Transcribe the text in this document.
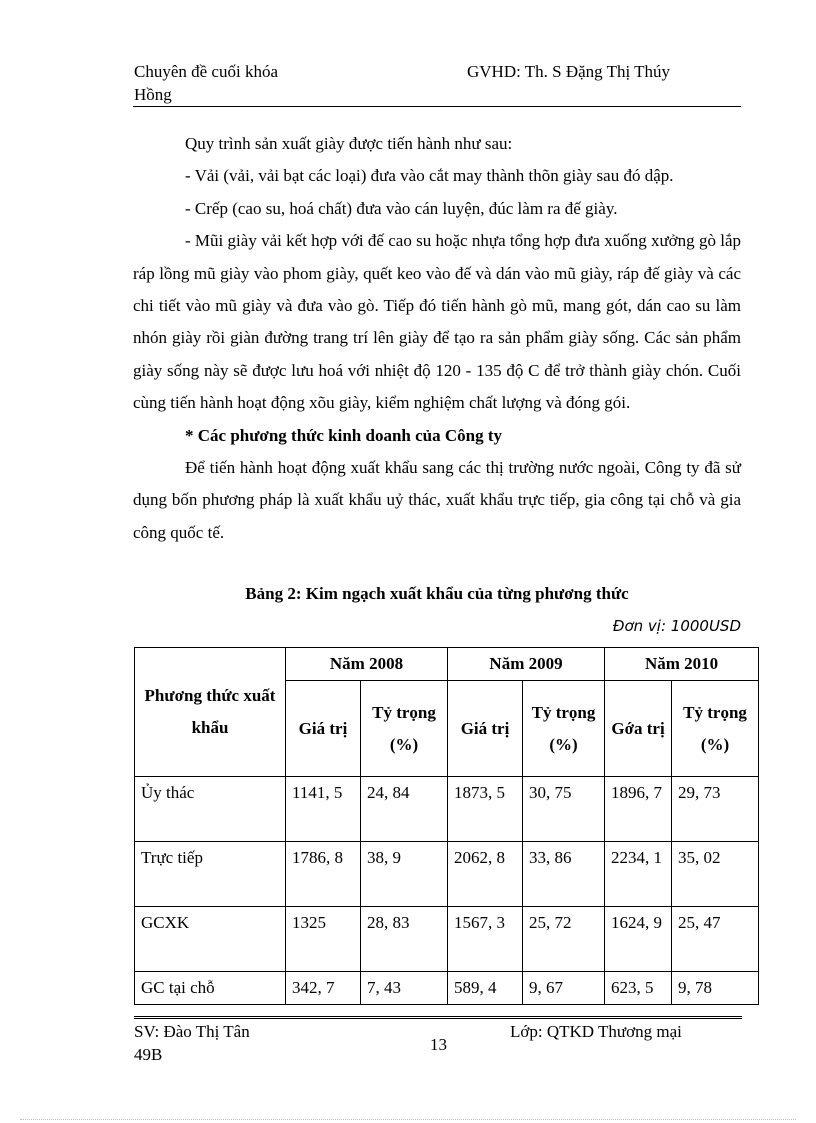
Chuyên đề cuối khóa
Hồng
GVHD: Th. S Đặng Thị Thúy

Quy trình sản xuất giày được tiến hành như sau:

- Vải (vải, vải bạt các loại) đưa vào cắt may thành thõn giày sau đó dập.

- Crếp (cao su, hoá chất) đưa vào cán luyện, đúc làm ra đế giày.

- Mũi giày vải kết hợp với đế cao su hoặc nhựa tổng hợp đưa xuống xưởng gò lắp ráp lồng mũ giày vào phom giày, quết keo vào đế và dán vào mũ giày, ráp đế giày và các chi tiết vào mũ giày và đưa vào gò. Tiếp đó tiến hành gò mũ, mang gót, dán cao su làm nhón giày rồi giàn đường trang trí lên giày để tạo ra sản phẩm giày sống. Các sản phẩm giày sống này sẽ được lưu hoá với nhiệt độ 120 - 135 độ C để trở thành giày chón. Cuối cùng tiến hành hoạt động xõu giày, kiểm nghiệm chất lượng và đóng gói.

* Các phương thức kinh doanh của Công ty

Để tiến hành hoạt động xuất khẩu sang các thị trường nước ngoài, Công ty đã sử dụng bốn phương pháp là xuất khẩu uỷ thác, xuất khẩu trực tiếp, gia công tại chỗ và gia công quốc tế.

Bảng 2: Kim ngạch xuất khẩu của từng phương thức
Đơn vị: 1000USD
Phương thức xuất khẩu	Năm 2008		Năm 2009		Năm 2010	
	Giá trị	Tỷ trọng (%)	Giá trị	Tỷ trọng (%)	Gớa trị	Tỷ trọng (%)
Ủy thác	1141, 5	24, 84	1873, 5	30, 75	1896, 7	29, 73
Trực tiếp	1786, 8	38, 9	2062, 8	33, 86	2234, 1	35, 02
GCXK	1325	28, 83	1567, 3	25, 72	1624, 9	25, 47
GC tại chỗ	342, 7	7, 43	589, 4	9, 67	623, 5	9, 78
SV: Đào Thị Tân
49B
13
Lớp: QTKD Thương mại
